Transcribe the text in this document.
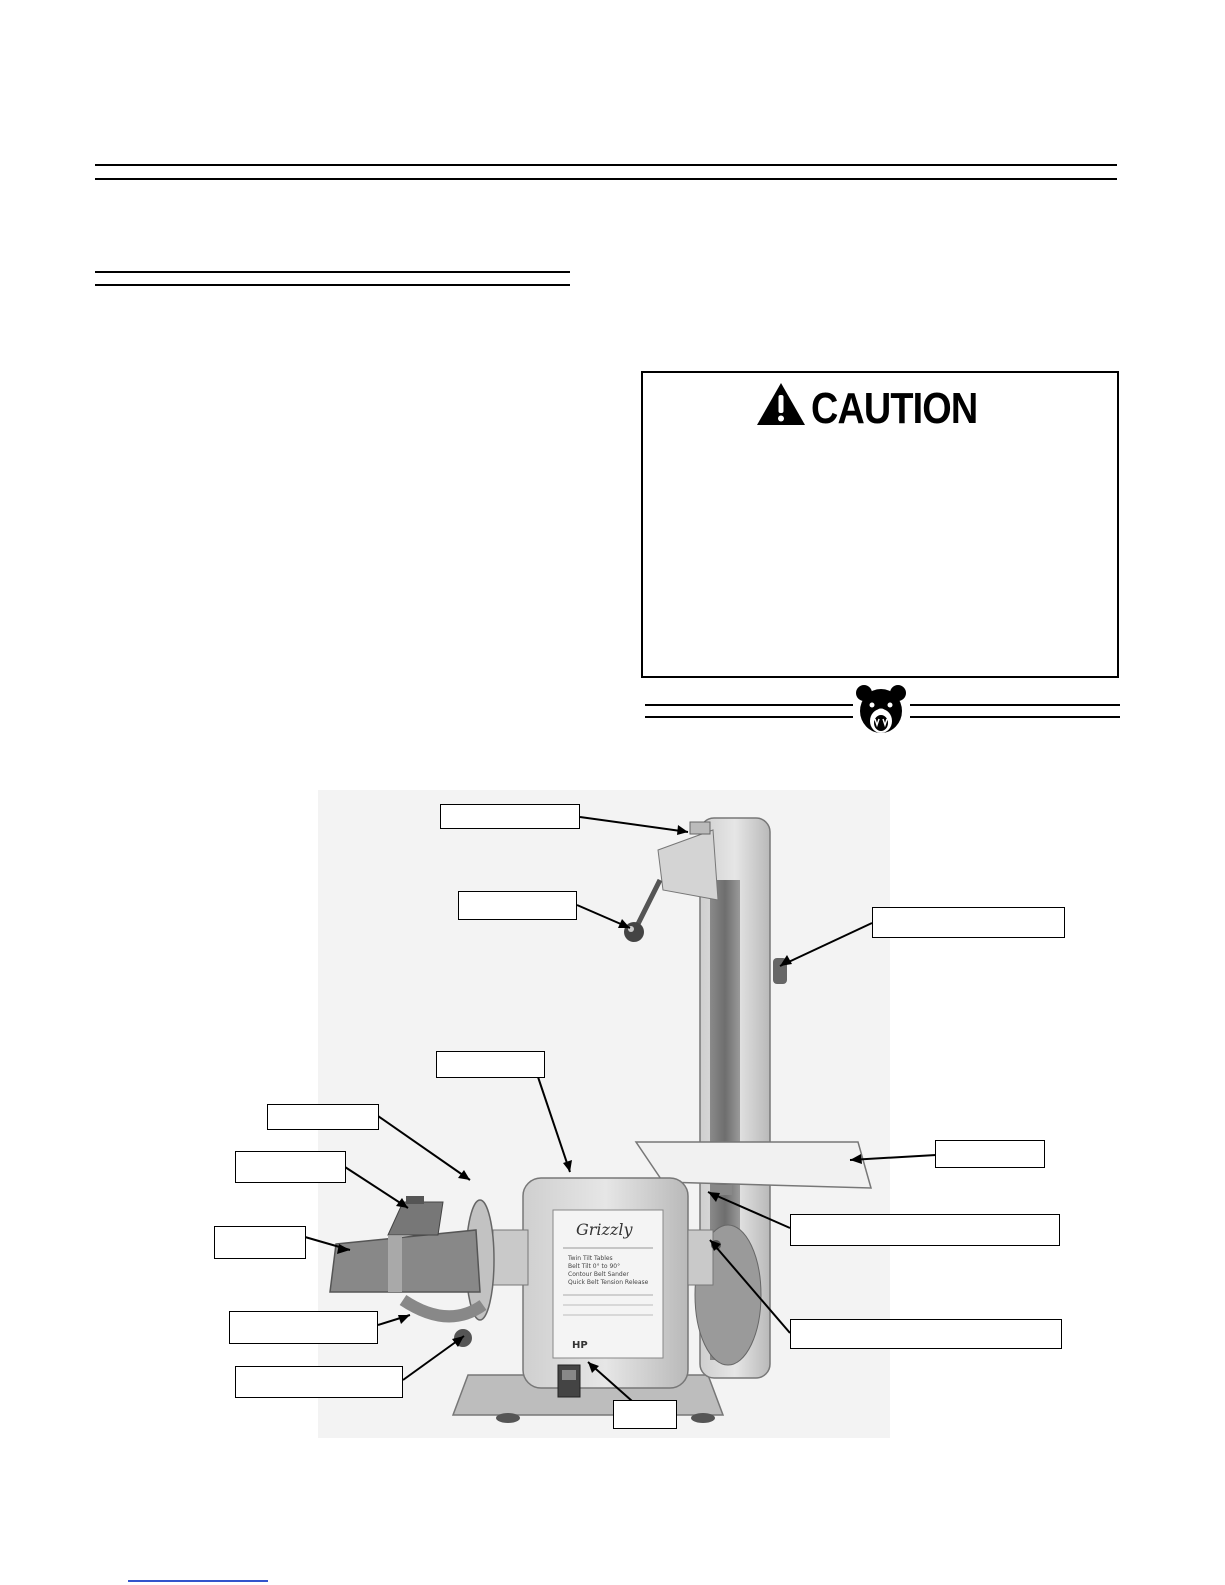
CAUTION
Grizzly
Twin Tilt Tables
Belt Tilt 0° to 90°
Contour Belt Sander
Quick Belt Tension Release
HP
